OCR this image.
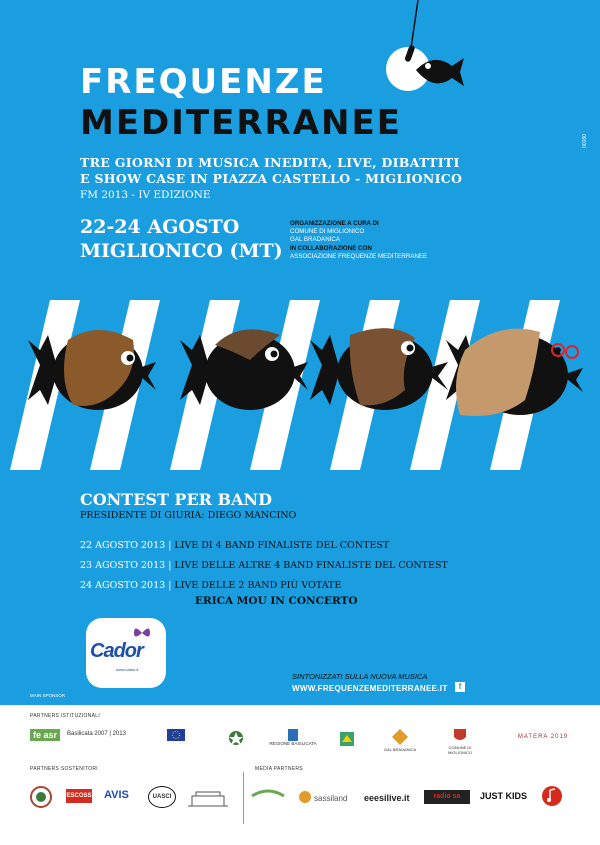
FREQUENZE
MEDITERRANEE
TRE GIORNI DI MUSICA INEDITA, LIVE, DIBATTITI
E SHOW CASE IN PIAZZA CASTELLO - MIGLIONICO
FM 2013 - IV EDIZIONE
22-24 AGOSTO
MIGLIONICO (MT)
ORGANIZZAZIONE A CURA DI
COMUNE DI MIGLIONICO
GAL BRADANICA
IN COLLABORAZIONE CON
ASSOCIAZIONE FREQUENZE MEDITERRANEE
00180
CONTEST PER BAND
PRESIDENTE DI GIURIA: DIEGO MANCINO
22 AGOSTO 2013 | LIVE DI 4 BAND FINALISTE DEL CONTEST
23 AGOSTO 2013 | LIVE DELLE ALTRE 4 BAND FINALISTE DEL CONTEST
24 AGOSTO 2013 | LIVE DELLE 2 BAND PIÙ VOTATE
ERICA MOU IN CONCERTO
Cador
www.cador.it
MAIN SPONSOR
SINTONIZZATI SULLA NUOVA MUSICA
WWW.FREQUENZEMEDITERRANEE.IT	f
PARTNERS ISTITUZIONALI
fe asr	Basilicata 2007 | 2013
REGIONE BASILICATA
GAL BRADANICA	COMUNE DI MIGLIONICO
MATERA 2019
PARTNERS SOSTENITORI	MEDIA PARTNERS
ESCOSS AVIS	UASCI	sassiland eeesilive.it	radio sa	JUST KIDS
